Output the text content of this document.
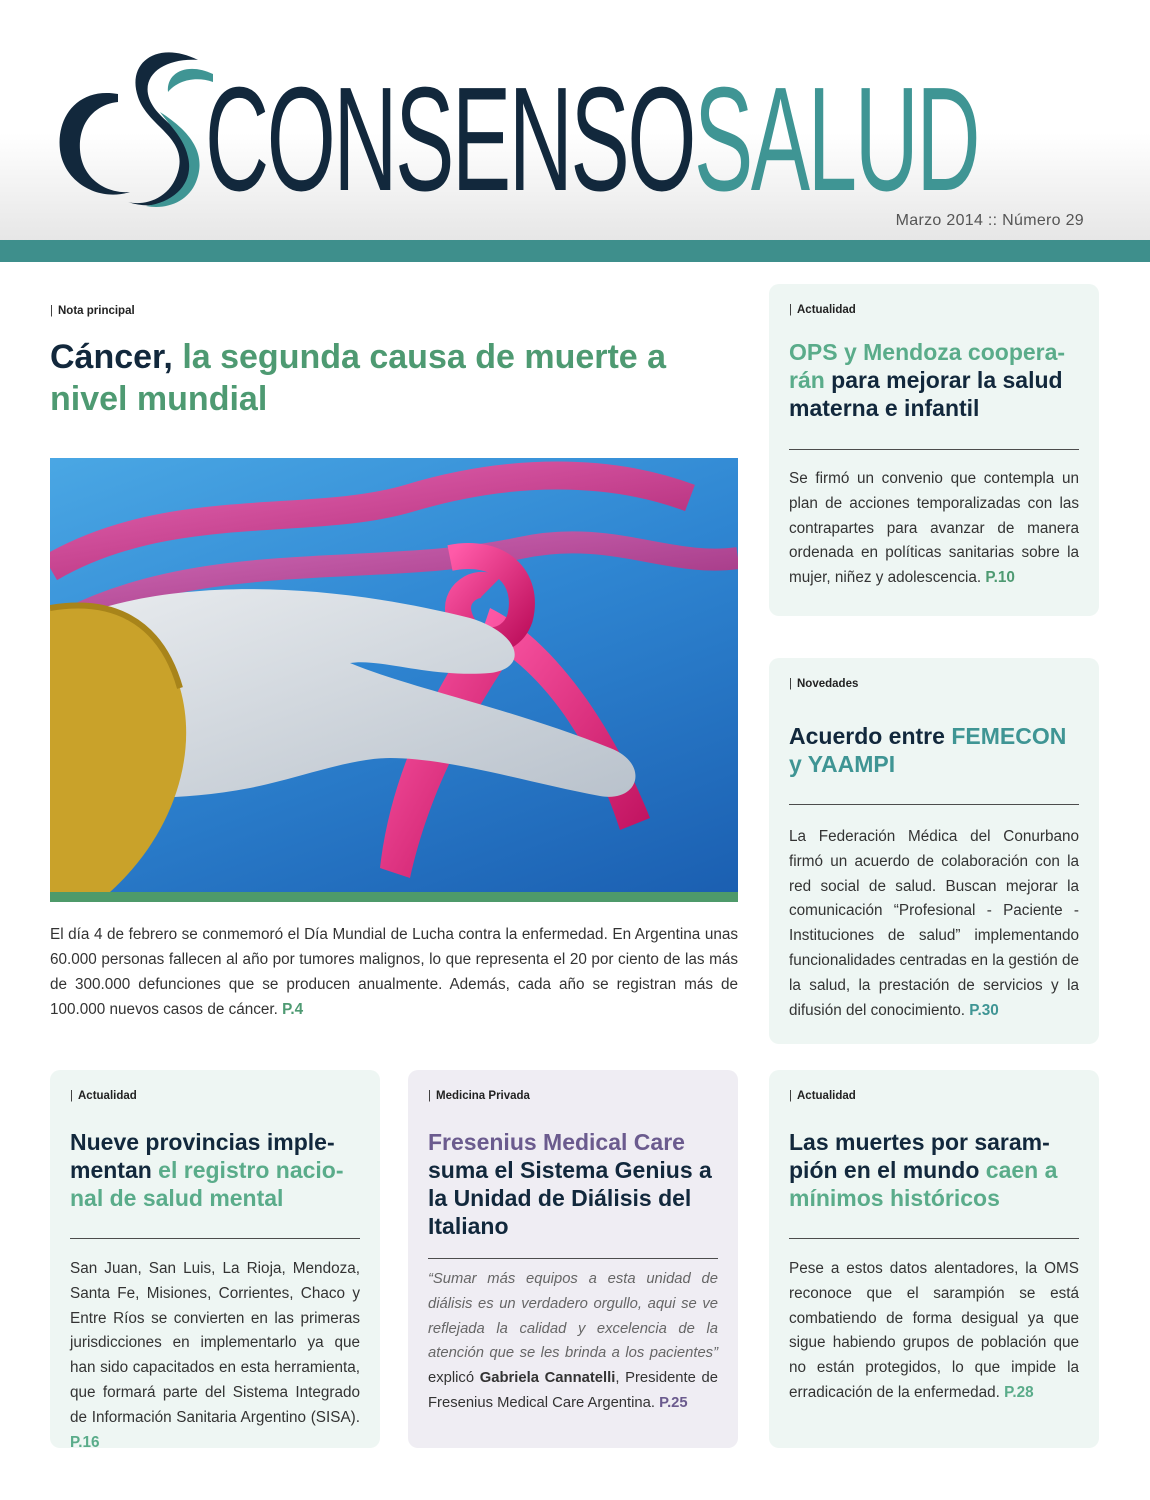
CONSENSOSALUD
Marzo 2014 :: Número 29
| Nota principal
Cáncer, la segunda causa de muerte a nivel mundial

El día 4 de febrero se conmemoró el Día Mundial de Lucha contra la enfermedad. En Argentina unas 60.000 personas fallecen al año por tumores malignos, lo que representa el 20 por ciento de las más de 300.000 defunciones que se producen anualmente. Además, cada año se registran más de 100.000 nuevos casos de cáncer. P.4

| Actualidad
OPS y Mendoza cooperarán para mejorar la salud materna e infantil

Se firmó un convenio que contempla un plan de acciones temporalizadas con las contrapartes para avanzar de manera ordenada en políticas sanitarias sobre la mujer, niñez y adolescencia. P.10

| Novedades
Acuerdo entre FEMECON y YAAMPI

La Federación Médica del Conurbano firmó un acuerdo de colaboración con la red social de salud. Buscan mejorar la comunicación “Profesional - Paciente - Instituciones de salud” implementando funcionalidades centradas en la gestión de la salud, la prestación de servicios y la difusión del conocimiento. P.30

| Actualidad
Nueve provincias implementan el registro nacional de salud mental

San Juan, San Luis, La Rioja, Mendoza, Santa Fe, Misiones, Corrientes, Chaco y Entre Ríos se convierten en las primeras jurisdicciones en implementarlo ya que han sido capacitados en esta herramienta, que formará parte del Sistema Integrado de Información Sanitaria Argentino (SISA). P.16

| Medicina Privada
Fresenius Medical Care suma el Sistema Genius a la Unidad de Diálisis del Italiano

“Sumar más equipos a esta unidad de diálisis es un verdadero orgullo, aqui se ve reflejada la calidad y excelencia de la atención que se les brinda a los pacientes” explicó Gabriela Cannatelli, Presidente de Fresenius Medical Care Argentina. P.25

| Actualidad
Las muertes por sarampión en el mundo caen a mínimos históricos

Pese a estos datos alentadores, la OMS reconoce que el sarampión se está combatiendo de forma desigual ya que sigue habiendo grupos de población que no están protegidos, lo que impide la erradicación de la enfermedad. P.28
